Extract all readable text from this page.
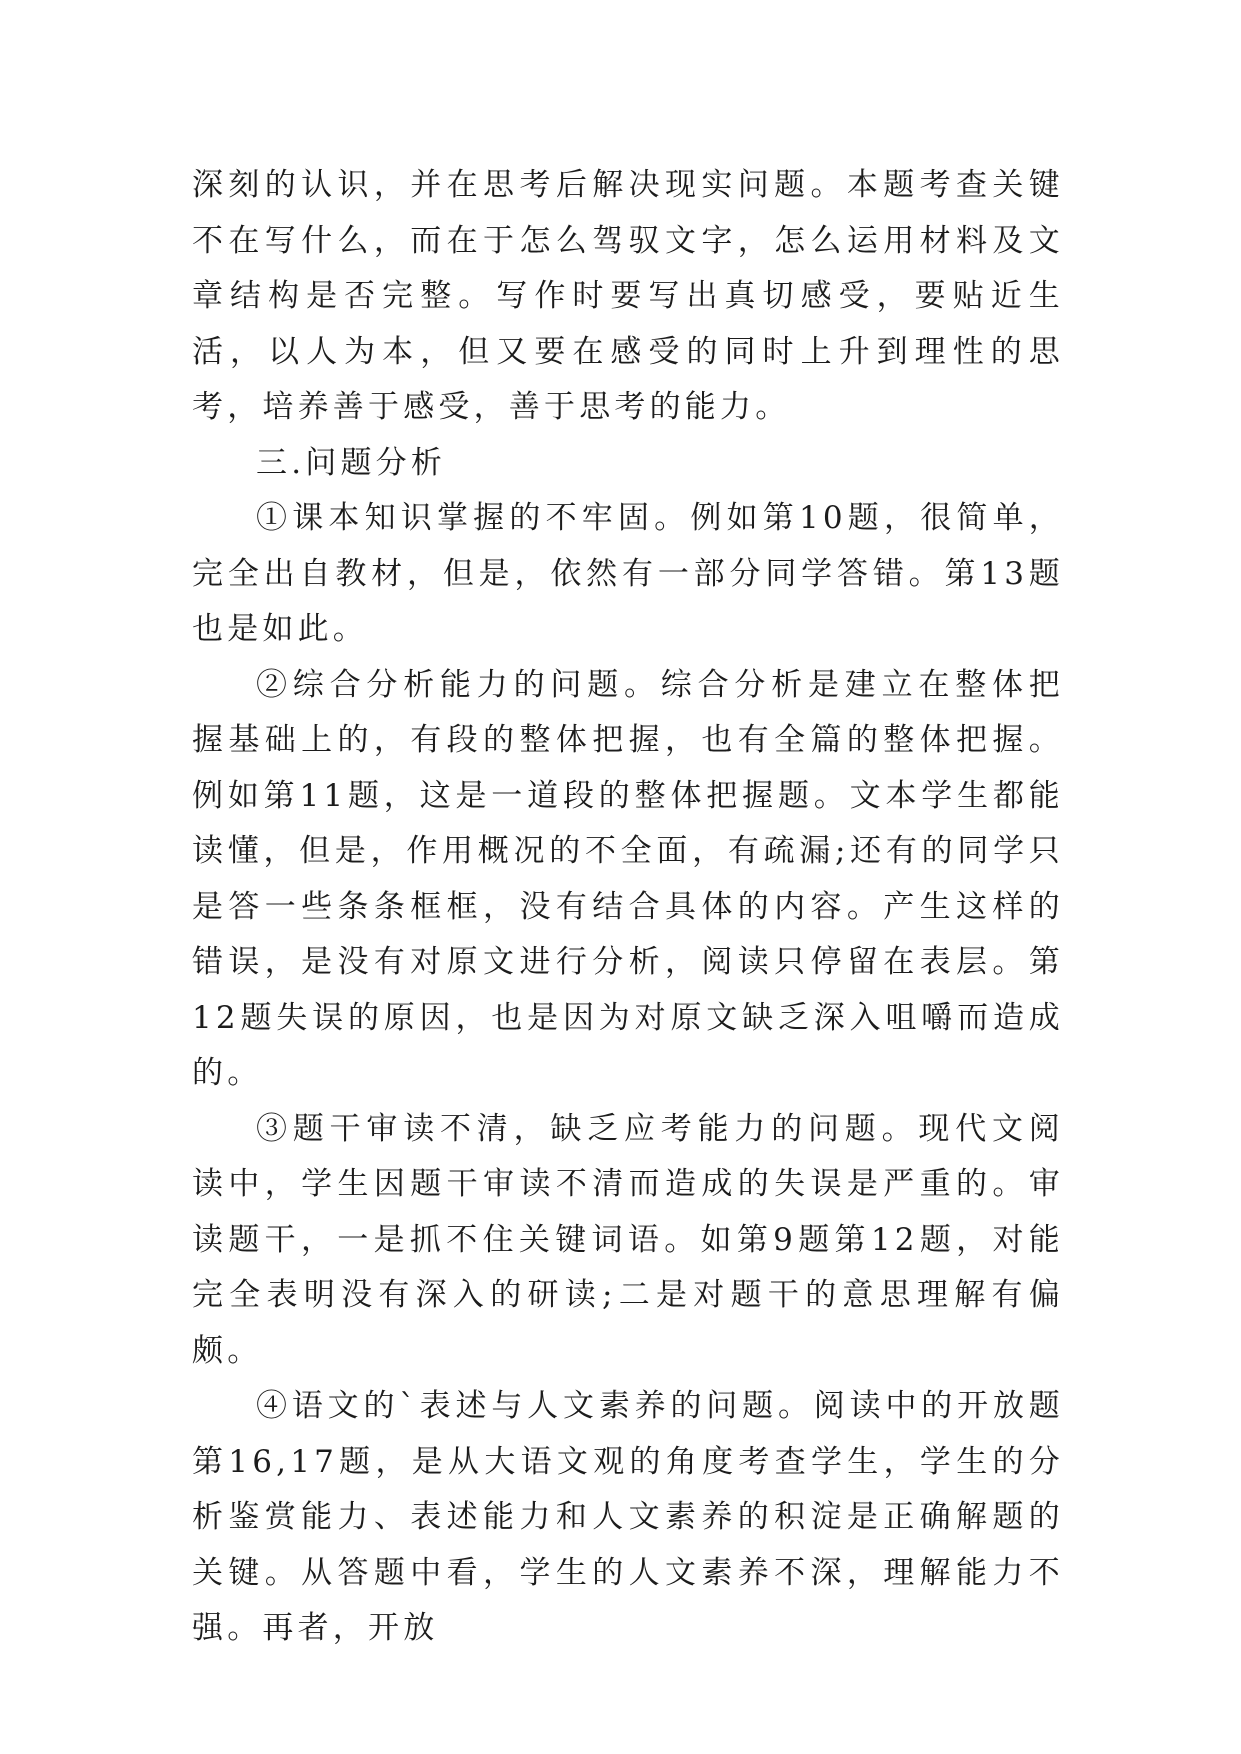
深刻的认识，并在思考后解决现实问题。本题考查关键不在写什么，而在于怎么驾驭文字，怎么运用材料及文章结构是否完整。写作时要写出真切感受，要贴近生活，以人为本，但又要在感受的同时上升到理性的思考，培养善于感受，善于思考的能力。

三.问题分析

①课本知识掌握的不牢固。例如第10题，很简单，完全出自教材，但是，依然有一部分同学答错。第13题也是如此。

②综合分析能力的问题。综合分析是建立在整体把握基础上的，有段的整体把握，也有全篇的整体把握。例如第11题，这是一道段的整体把握题。文本学生都能读懂，但是，作用概况的不全面，有疏漏;还有的同学只是答一些条条框框，没有结合具体的内容。产生这样的错误，是没有对原文进行分析，阅读只停留在表层。第12题失误的原因，也是因为对原文缺乏深入咀嚼而造成的。

③题干审读不清，缺乏应考能力的问题。现代文阅读中，学生因题干审读不清而造成的失误是严重的。审读题干，一是抓不住关键词语。如第9题第12题，对能完全表明没有深入的研读;二是对题干的意思理解有偏颇。

④语文的`表述与人文素养的问题。阅读中的开放题第16,17题，是从大语文观的角度考查学生，学生的分析鉴赏能力、表述能力和人文素养的积淀是正确解题的关键。从答题中看，学生的人文素养不深，理解能力不强。再者，开放
